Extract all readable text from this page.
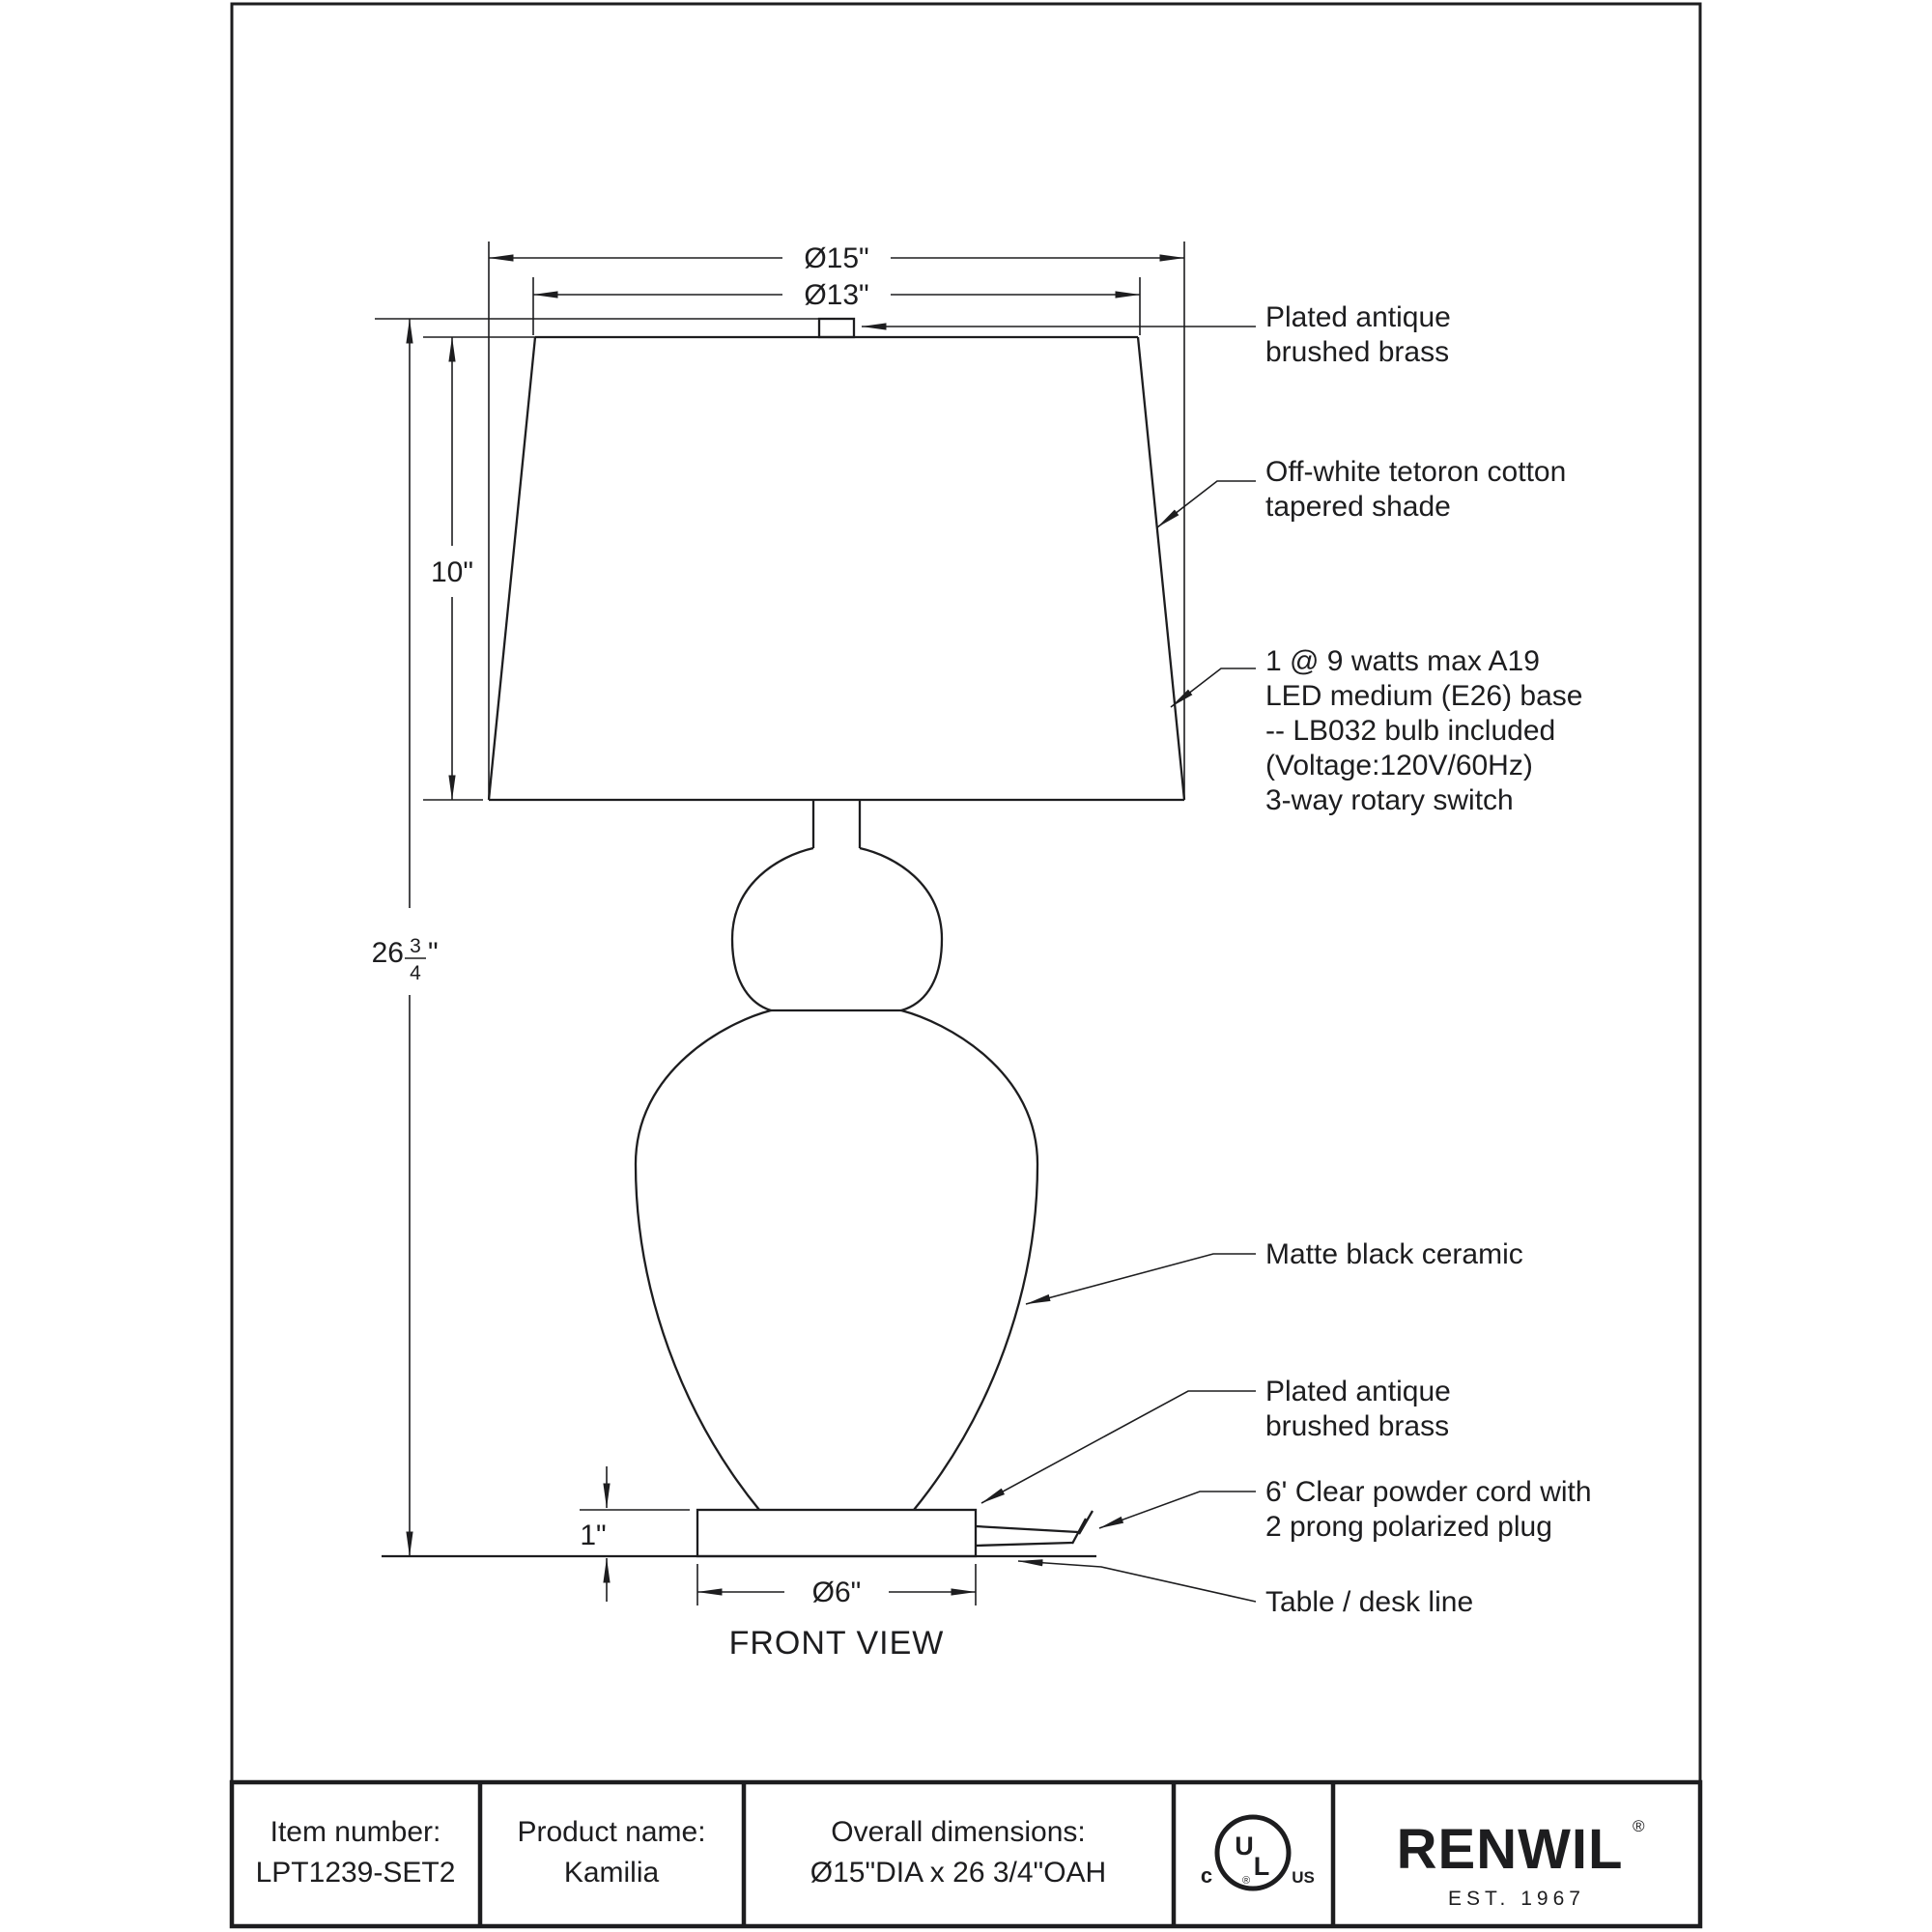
Ø15"
Ø13"
10"
26 3
4
"
1"
Ø6"
Plated antique
brushed brass
Off-white tetoron cotton
tapered shade
1 @ 9 watts max A19
LED medium (E26) base
-- LB032 bulb included
(Voltage:120V/60Hz)
3-way rotary switch
Matte black ceramic
Plated antique
brushed brass
6' Clear powder cord with
2 prong polarized plug
Table / desk line
FRONT VIEW
Item number:
LPT1239-SET2
Product name:
Kamilia
Overall dimensions:
Ø15"DIA x 26 3/4"OAH
U
L
®
c	US RENWIL ®
EST. 1967
